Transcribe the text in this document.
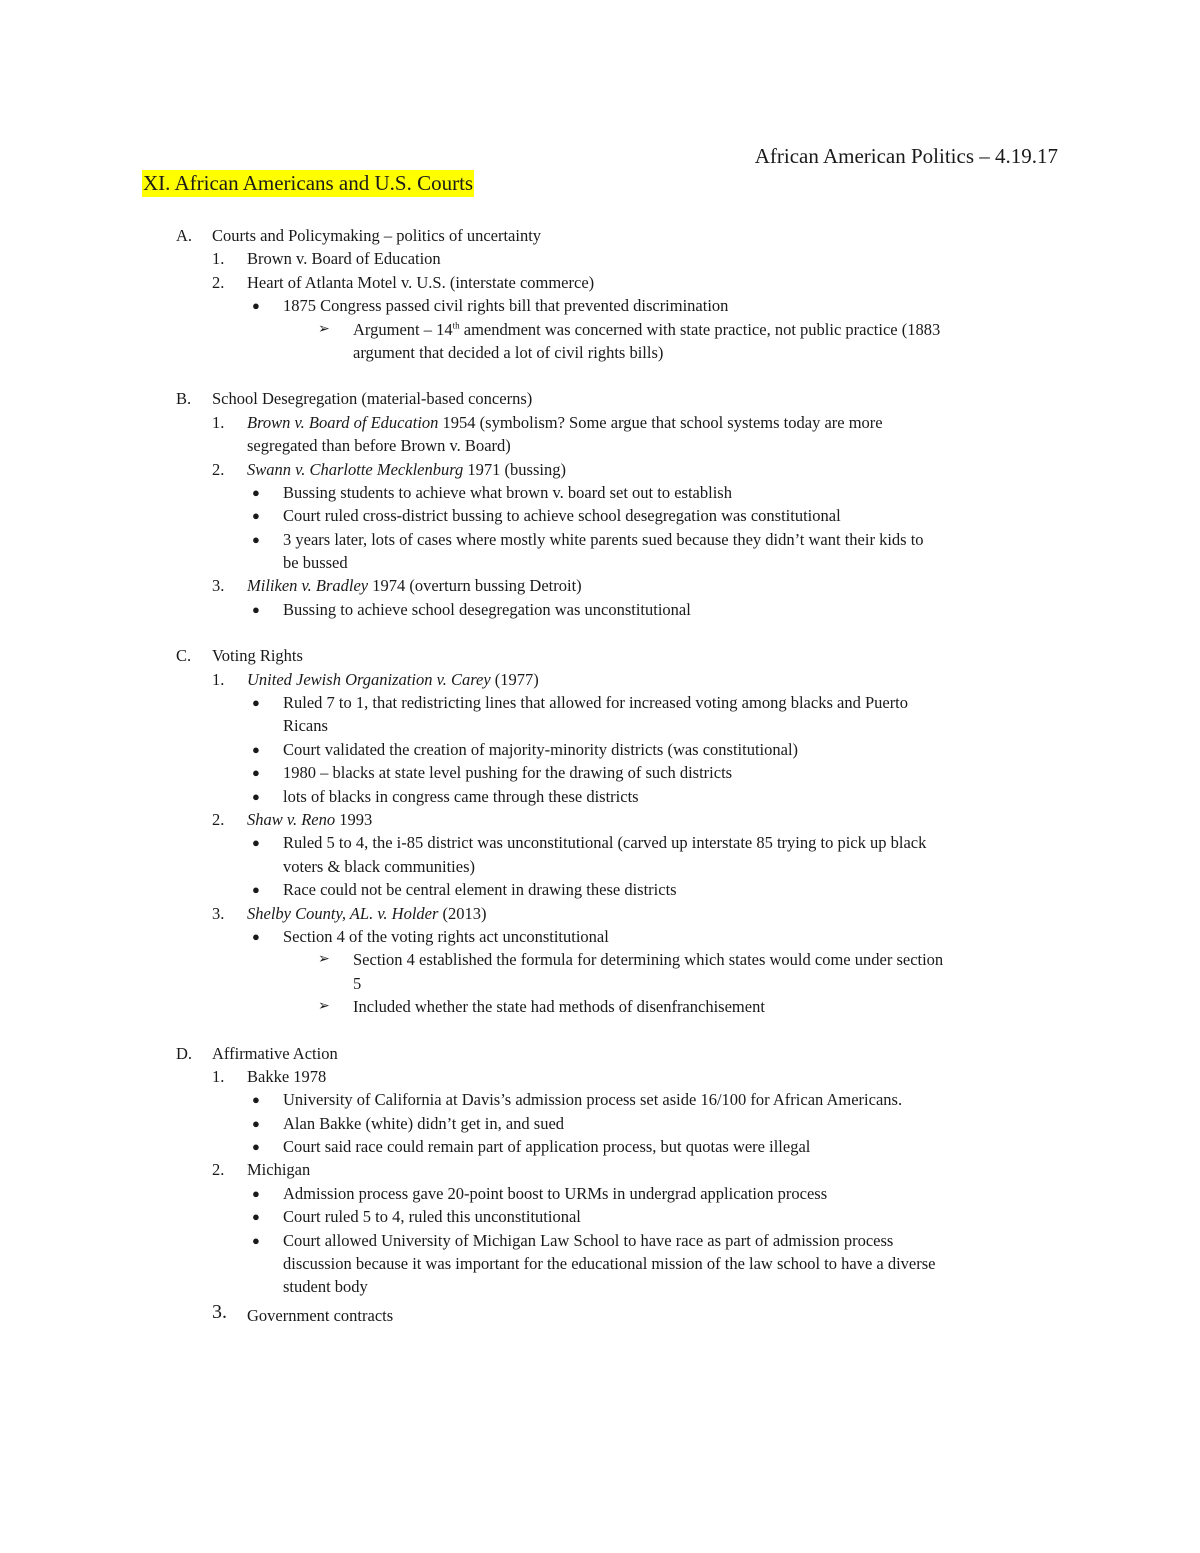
African American Politics – 4.19.17
XI. African Americans and U.S. Courts
A. Courts and Policymaking – politics of uncertainty
1. Brown v. Board of Education
2. Heart of Atlanta Motel v. U.S. (interstate commerce)
● 1875 Congress passed civil rights bill that prevented discrimination
➢ Argument – 14th amendment was concerned with state practice, not public practice (1883
argument that decided a lot of civil rights bills)
B. School Desegregation (material-based concerns)
1. Brown v. Board of Education 1954 (symbolism? Some argue that school systems today are more
segregated than before Brown v. Board)
2. Swann v. Charlotte Mecklenburg 1971 (bussing)
● Bussing students to achieve what brown v. board set out to establish
● Court ruled cross-district bussing to achieve school desegregation was constitutional
● 3 years later, lots of cases where mostly white parents sued because they didn’t want their kids to
be bussed
3. Miliken v. Bradley 1974 (overturn bussing Detroit)
● Bussing to achieve school desegregation was unconstitutional
C. Voting Rights
1. United Jewish Organization v. Carey (1977)
● Ruled 7 to 1, that redistricting lines that allowed for increased voting among blacks and Puerto
Ricans
● Court validated the creation of majority-minority districts (was constitutional)
● 1980 – blacks at state level pushing for the drawing of such districts
● lots of blacks in congress came through these districts
2. Shaw v. Reno 1993
● Ruled 5 to 4, the i-85 district was unconstitutional (carved up interstate 85 trying to pick up black
voters & black communities)
● Race could not be central element in drawing these districts
3. Shelby County, AL. v. Holder (2013)
● Section 4 of the voting rights act unconstitutional
➢ Section 4 established the formula for determining which states would come under section
5
➢ Included whether the state had methods of disenfranchisement
D. Affirmative Action
1. Bakke 1978
● University of California at Davis’s admission process set aside 16/100 for African Americans.
● Alan Bakke (white) didn’t get in, and sued
● Court said race could remain part of application process, but quotas were illegal
2. Michigan
● Admission process gave 20-point boost to URMs in undergrad application process
● Court ruled 5 to 4, ruled this unconstitutional
● Court allowed University of Michigan Law School to have race as part of admission process
discussion because it was important for the educational mission of the law school to have a diverse
student body
3. Government contracts
